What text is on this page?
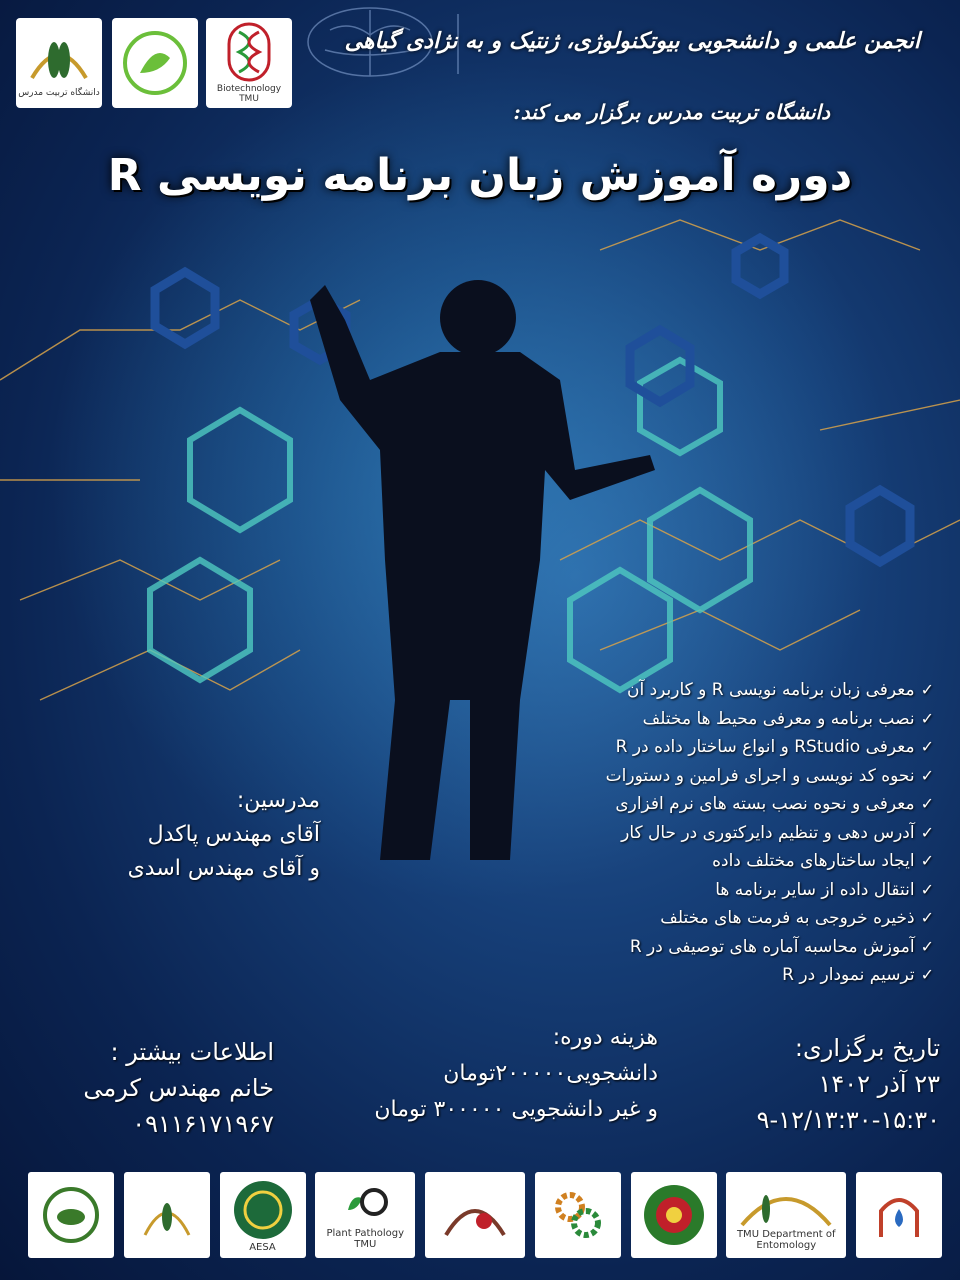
دانشگاه تربیت مدرس	Biotechnology TMU
انجمن علمی و دانشجویی بیوتکنولوژی، ژنتیک و به نژادی گیاهی
دانشگاه تربیت مدرس برگزار می کند:
دوره آموزش زبان برنامه نویسی R
✓معرفی زبان برنامه نویسی R و کاربرد آن
✓نصب برنامه و معرفی محیط ها مختلف
✓معرفی RStudio و انواع ساختار داده در R
✓نحوه کد نویسی و اجرای فرامین و دستورات
✓معرفی و نحوه نصب بسته های نرم افزاری
✓آدرس دهی و تنظیم دایرکتوری در حال کار
✓ایجاد ساختارهای مختلف داده
✓انتقال داده از سایر برنامه ها
✓ذخیره خروجی به فرمت های مختلف
✓آموزش محاسبه آماره های توصیفی در R
✓ترسیم نمودار در R
مدرسین:
آقای مهندس پاکدل
و آقای مهندس اسدی
اطلاعات بیشتر :
خانم مهندس کرمی
۰۹۱۱۶۱۷۱۹۶۷
هزینه دوره:
دانشجویی۲۰۰۰۰۰تومان
و غیر دانشجویی ۳۰۰۰۰۰ تومان
تاریخ برگزاری:
۲۳ آذر ۱۴۰۲
۹-۱۲/۱۳:۳۰-۱۵:۳۰
AESA
Plant Pathology TMU
TMU Department of Entomology
